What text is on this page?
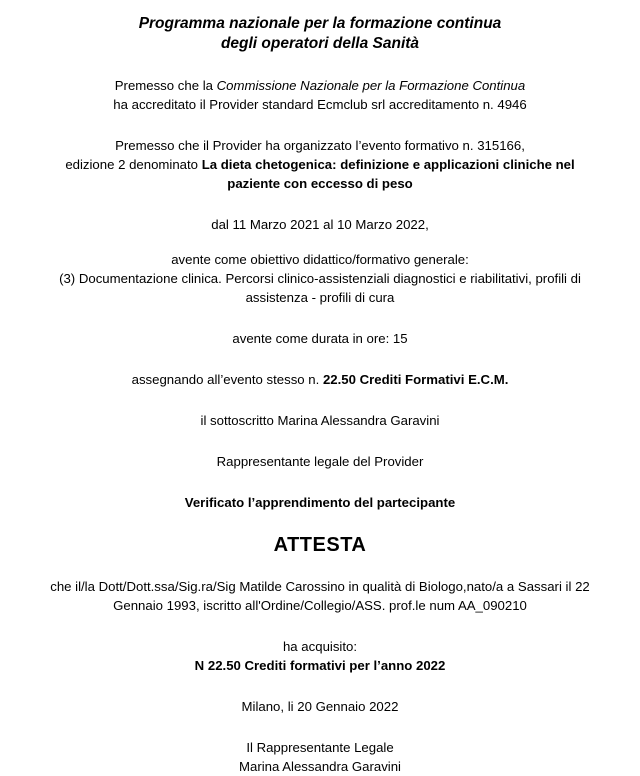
Programma nazionale per la formazione continua
degli operatori della Sanità
Premesso che la Commissione Nazionale per la Formazione Continua
ha accreditato il Provider standard Ecmclub srl accreditamento n. 4946
Premesso che il Provider ha organizzato l’evento formativo n. 315166,
edizione 2 denominato La dieta chetogenica: definizione e applicazioni cliniche nel
paziente con eccesso di peso
dal 11 Marzo 2021 al 10 Marzo 2022,
avente come obiettivo didattico/formativo generale:
(3) Documentazione clinica. Percorsi clinico-assistenziali diagnostici e riabilitativi, profili di
assistenza - profili di cura
avente come durata in ore: 15
assegnando all’evento stesso n. 22.50 Crediti Formativi E.C.M.
il sottoscritto Marina Alessandra Garavini
Rappresentante legale del Provider
Verificato l’apprendimento del partecipante
ATTESTA
che il/la Dott/Dott.ssa/Sig.ra/Sig Matilde Carossino in qualità di Biologo,nato/a a Sassari il 22
Gennaio 1993, iscritto all'Ordine/Collegio/ASS. prof.le num AA_090210
ha acquisito:
N 22.50 Crediti formativi per l’anno 2022
Milano, li 20 Gennaio 2022
Il Rappresentante Legale
Marina Alessandra Garavini
